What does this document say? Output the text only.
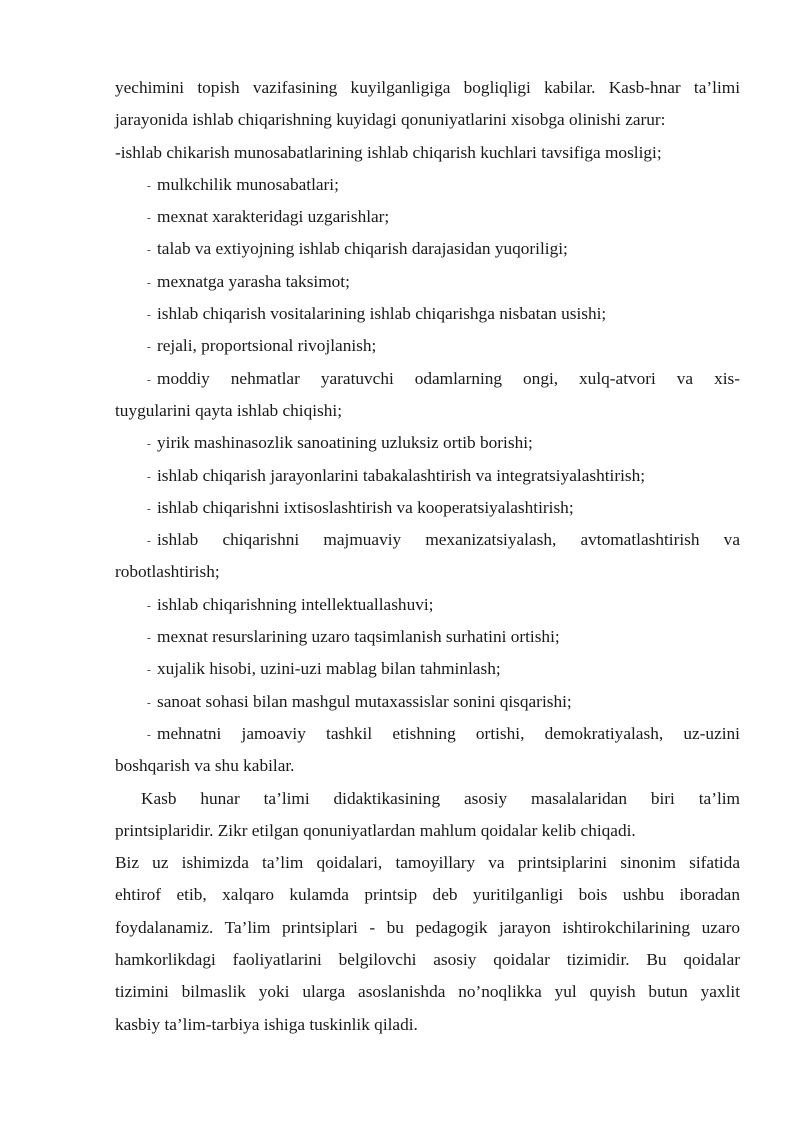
yechimini topish vazifasining kuyilganligiga bogliqligi kabilar. Kasb-hnar ta’limi
jarayonida ishlab chiqarishning kuyidagi qonuniyatlarini xisobga olinishi zarur:
-ishlab chikarish munosabatlarining ishlab chiqarish kuchlari tavsifiga mosligi;
- mulkchilik munosabatlari;
- mexnat xarakteridagi uzgarishlar;
- talab va extiyojning ishlab chiqarish darajasidan yuqoriligi;
- mexnatga yarasha taksimot;
- ishlab chiqarish vositalarining ishlab chiqarishga nisbatan usishi;
- rejali, proportsional rivojlanish;
- moddiy nehmatlar yaratuvchi odamlarning ongi, xulq-atvori va xis-
tuygularini qayta ishlab chiqishi;
- yirik mashinasozlik sanoatining uzluksiz ortib borishi;
- ishlab chiqarish jarayonlarini tabakalashtirish va integratsiyalashtirish;
- ishlab chiqarishni ixtisoslashtirish va kooperatsiyalashtirish;
- ishlab chiqarishni majmuaviy mexanizatsiyalash, avtomatlashtirish va
robotlashtirish;
- ishlab chiqarishning intellektuallashuvi;
- mexnat resurslarining uzaro taqsimlanish surhatini ortishi;
- xujalik hisobi, uzini-uzi mablag bilan tahminlash;
- sanoat sohasi bilan mashgul mutaxassislar sonini qisqarishi;
- mehnatni jamoaviy tashkil etishning ortishi, demokratiyalash, uz-uzini
boshqarish va shu kabilar.
Kasb hunar ta’limi didaktikasining asosiy masalalaridan biri ta’lim
printsiplaridir. Zikr etilgan qonuniyatlardan mahlum qoidalar kelib chiqadi.
Biz uz ishimizda ta’lim qoidalari, tamoyillary va printsiplarini sinonim sifatida
ehtirof etib, xalqaro kulamda printsip deb yuritilganligi bois ushbu iboradan
foydalanamiz. Ta’lim printsiplari - bu pedagogik jarayon ishtirokchilarining uzaro
hamkorlikdagi faoliyatlarini belgilovchi asosiy qoidalar tizimidir. Bu qoidalar
tizimini bilmaslik yoki ularga asoslanishda no’noqlikka yul quyish butun yaxlit
kasbiy ta’lim-tarbiya ishiga tuskinlik qiladi.
